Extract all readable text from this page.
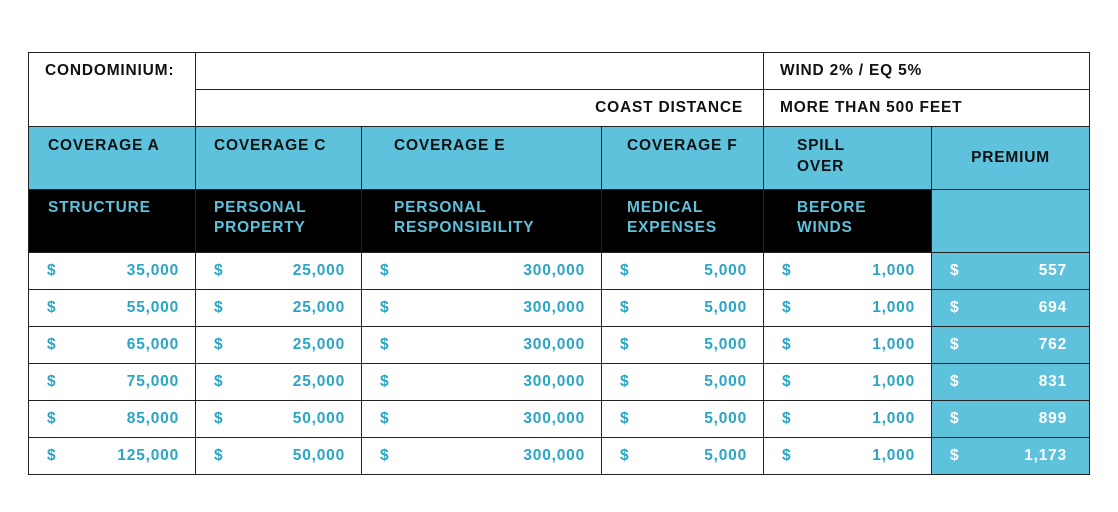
CONDOMINIUM:				WIND 2% / EQ 5%	
	COAST DISTANCE			MORE THAN 500 FEET	
COVERAGE A	COVERAGE C	COVERAGE E	COVERAGE F	SPILL OVER	PREMIUM
STRUCTURE	PERSONAL PROPERTY	PERSONAL RESPONSIBILITY	MEDICAL EXPENSES	BEFORE WINDS	

$ 35,000	$ 25,000	$ 300,000	$ 5,000	$ 1,000	$ 557

$ 55,000	$ 25,000	$ 300,000	$ 5,000	$ 1,000	$ 694

$ 65,000	$ 25,000	$ 300,000	$ 5,000	$ 1,000	$ 762

$ 75,000	$ 25,000	$ 300,000	$ 5,000	$ 1,000	$ 831

$ 85,000	$ 50,000	$ 300,000	$ 5,000	$ 1,000	$ 899

$ 125,000	$ 50,000	$ 300,000	$ 5,000	$ 1,000	$ 1,173
